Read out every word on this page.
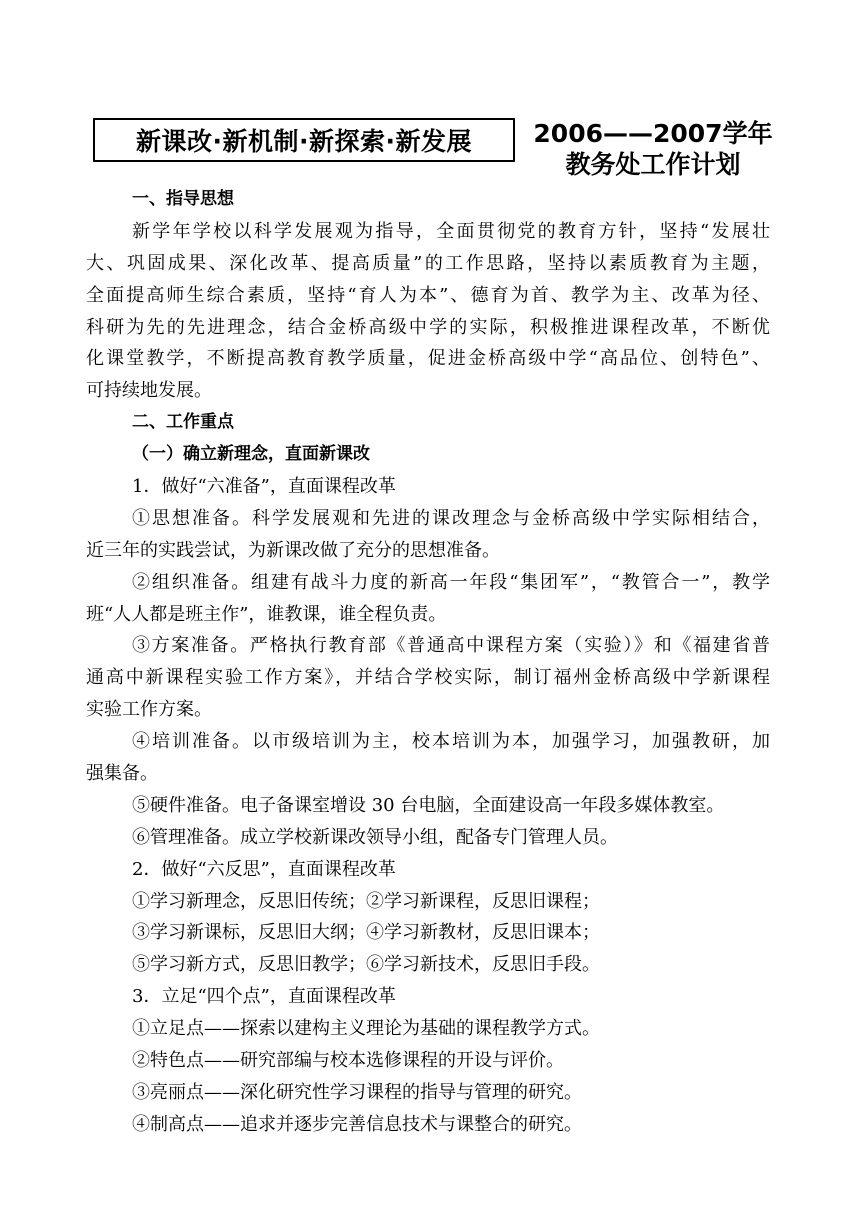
新课改·新机制·新探索·新发展	2006——2007学年
教务处工作计划
一、指导思想
新学年学校以科学发展观为指导，全面贯彻党的教育方针，坚持“发展壮
大、巩固成果、深化改革、提高质量”的工作思路，坚持以素质教育为主题，
全面提高师生综合素质，坚持“育人为本”、德育为首、教学为主、改革为径、
科研为先的先进理念，结合金桥高级中学的实际，积极推进课程改革，不断优
化课堂教学，不断提高教育教学质量，促进金桥高级中学“高品位、创特色”、
可持续地发展。
二、工作重点
（一）确立新理念，直面新课改
1．做好“六准备”，直面课程改革
①思想准备。科学发展观和先进的课改理念与金桥高级中学实际相结合，
近三年的实践尝试，为新课改做了充分的思想准备。
②组织准备。组建有战斗力度的新高一年段“集团军”，“教管合一”，教学
班“人人都是班主作”，谁教课，谁全程负责。
③方案准备。严格执行教育部《普通高中课程方案（实验）》和《福建省普
通高中新课程实验工作方案》，并结合学校实际，制订福州金桥高级中学新课程
实验工作方案。
④培训准备。以市级培训为主，校本培训为本，加强学习，加强教研，加
强集备。
⑤硬件准备。电子备课室增设 30 台电脑，全面建设高一年段多媒体教室。
⑥管理准备。成立学校新课改领导小组，配备专门管理人员。
2．做好“六反思”，直面课程改革
①学习新理念，反思旧传统；②学习新课程，反思旧课程；
③学习新课标，反思旧大纲；④学习新教材，反思旧课本；
⑤学习新方式，反思旧教学；⑥学习新技术，反思旧手段。
3．立足“四个点”，直面课程改革
①立足点——探索以建构主义理论为基础的课程教学方式。
②特色点——研究部编与校本选修课程的开设与评价。
③亮丽点——深化研究性学习课程的指导与管理的研究。
④制高点——追求并逐步完善信息技术与课整合的研究。
